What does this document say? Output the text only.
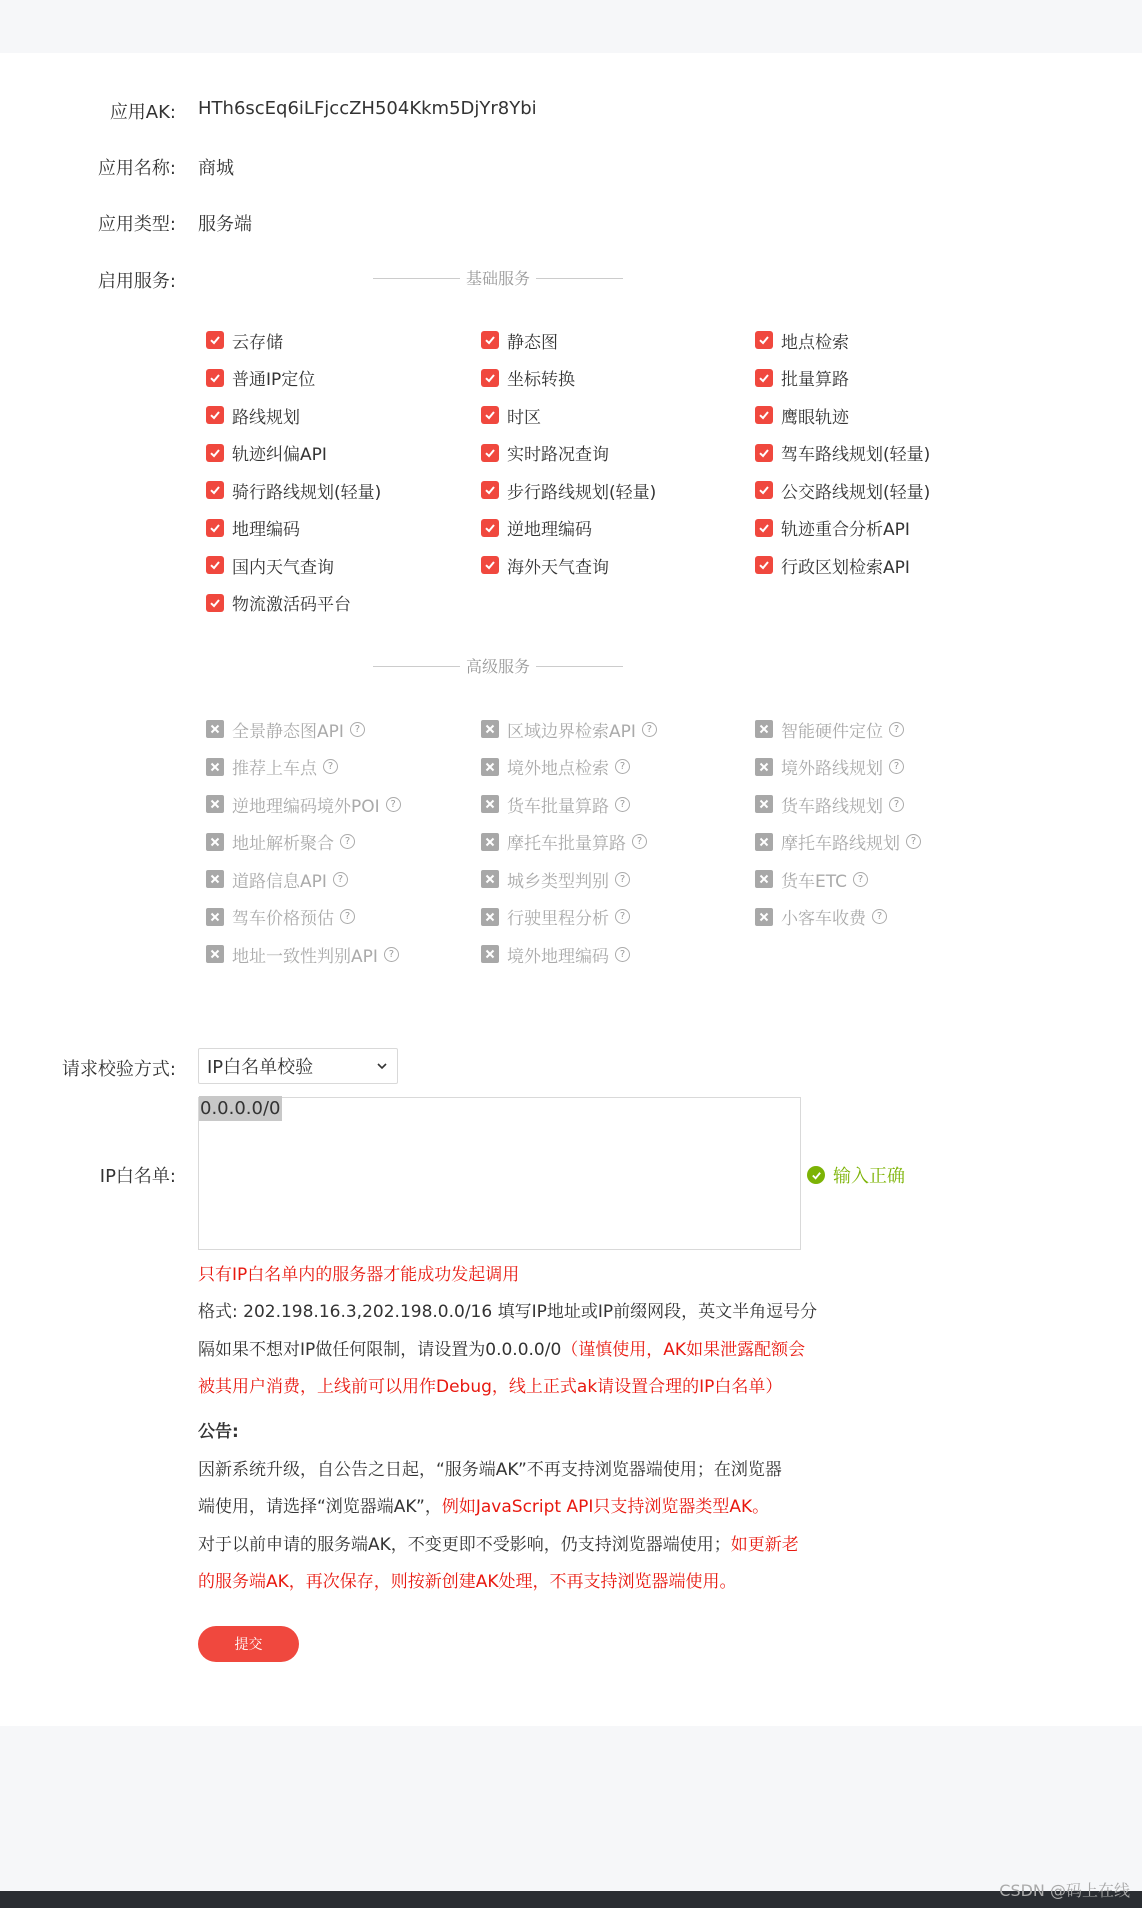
应用AK: HTh6scEq6iLFjccZH504Kkm5DjYr8Ybi
应用名称: 商城
应用类型: 服务端
启用服务:	基础服务
云存储	静态图	地点检索
普通IP定位	坐标转换	批量算路
路线规划	时区	鹰眼轨迹
轨迹纠偏API	实时路况查询	驾车路线规划(轻量)
骑行路线规划(轻量)	步行路线规划(轻量)	公交路线规划(轻量)
地理编码	逆地理编码	轨迹重合分析API
国内天气查询	海外天气查询	行政区划检索API
物流激活码平台
高级服务
全景静态图API	?	区域边界检索API	?	智能硬件定位	?
推荐上车点	?	境外地点检索	?	境外路线规划	?
逆地理编码境外POI	?	货车批量算路	?	货车路线规划	?
地址解析聚合	?	摩托车批量算路	?	摩托车路线规划	?
道路信息API	?	城乡类型判别	?	货车ETC	?
驾车价格预估	?	行驶里程分析	?	小客车收费	?
地址一致性判别API	?	境外地理编码	?
请求校验方式: IP白名单校验
IP白名单:
0.0.0.0/0
输入正确
只有IP白名单内的服务器才能成功发起调用
格式: 202.198.16.3,202.198.0.0/16 填写IP地址或IP前缀网段，英文半角逗号分
隔如果不想对IP做任何限制，请设置为0.0.0.0/0（谨慎使用，AK如果泄露配额会
被其用户消费，上线前可以用作Debug，线上正式ak请设置合理的IP白名单）
公告:
因新系统升级，自公告之日起，“服务端AK”不再支持浏览器端使用；在浏览器
端使用，请选择“浏览器端AK”，例如JavaScript API只支持浏览器类型AK。
对于以前申请的服务端AK，不变更即不受影响，仍支持浏览器端使用；如更新老
的服务端AK，再次保存，则按新创建AK处理，不再支持浏览器端使用。
提交
CSDN @码上在线
